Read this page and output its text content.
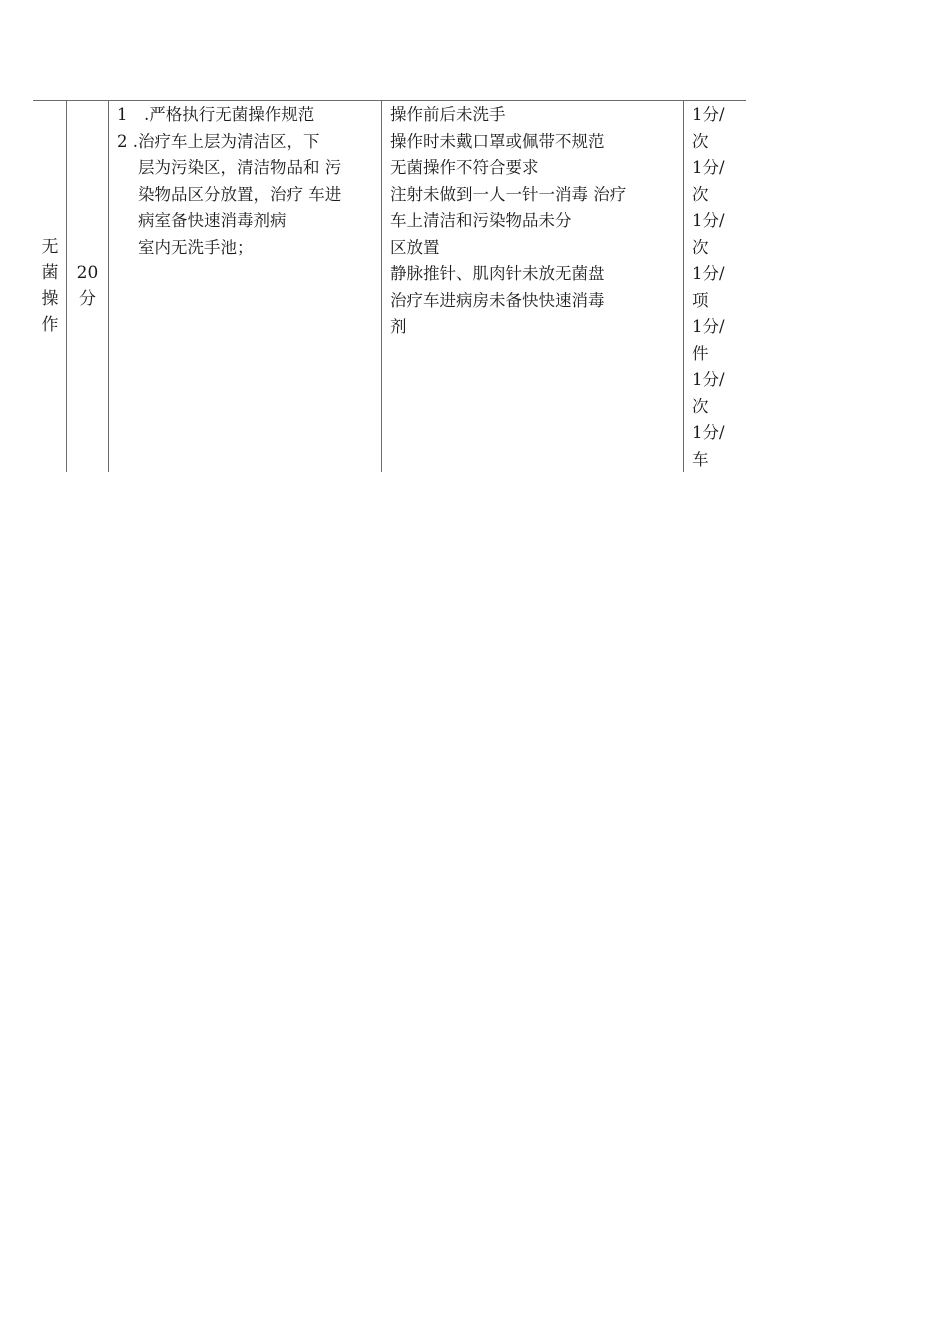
无菌操作
20分
1　.严格执行无菌操作规范
2 .治疗车上层为清洁区，下
层为污染区，清洁物品和 污
染物品区分放置，治疗 车进
病室备快速消毒剂病
室内无洗手池；
操作前后未洗手
操作时未戴口罩或佩带不规范
无菌操作不符合要求
注射未做到一人一针一消毒 治疗
车上清洁和污染物品未分
区放置
静脉推针、肌肉针未放无菌盘
治疗车进病房未备快快速消毒
剂
1分/
次
1分/
次
1分/
次
1分/
项
1分/
件
1分/
次
1分/
车
